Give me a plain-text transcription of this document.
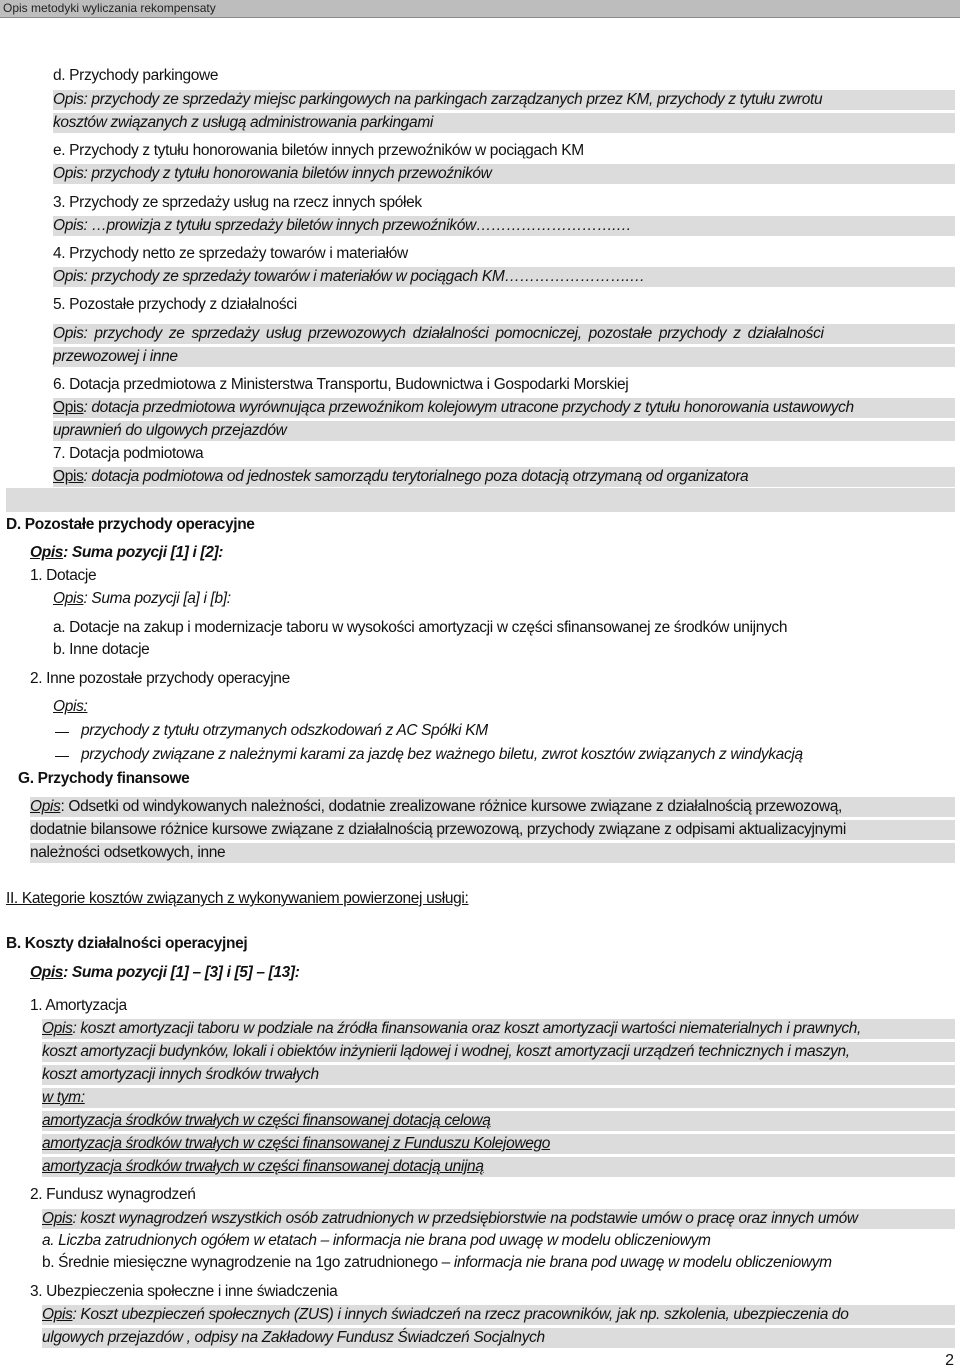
Opis metodyki wyliczania rekompensaty
d. Przychody parkingowe
Opis: przychody ze sprzedaży miejsc parkingowych na parkingach zarządzanych przez KM, przychody z tytułu zwrotu
kosztów związanych z usługą administrowania parkingami
e. Przychody z tytułu honorowania biletów innych przewoźników w pociągach KM
Opis: przychody z tytułu honorowania biletów innych przewoźników
3. Przychody ze sprzedaży usług na rzecz innych spółek
Opis: …prowizja z tytułu sprzedaży biletów innych przewoźników……………………….…
4. Przychody netto ze sprzedaży towarów i materiałów
Opis: przychody ze sprzedaży towarów i materiałów w pociągach KM…………………….…
5. Pozostałe przychody z działalności
Opis: przychody ze sprzedaży usług przewozowych działalności pomocniczej, pozostałe przychody z działalności
przewozowej i inne
6. Dotacja przedmiotowa z Ministerstwa Transportu, Budownictwa i Gospodarki Morskiej
Opis: dotacja przedmiotowa wyrównująca przewoźnikom kolejowym utracone przychody z tytułu honorowania ustawowych
uprawnień do ulgowych przejazdów
7. Dotacja podmiotowa
Opis: dotacja podmiotowa od jednostek samorządu terytorialnego poza dotacją otrzymaną od organizatora
D. Pozostałe przychody operacyjne
Opis: Suma pozycji [1] i [2]:
1. Dotacje
Opis: Suma pozycji [a] i [b]:
a. Dotacje na zakup i modernizacje taboru w wysokości amortyzacji w części sfinansowanej ze środków unijnych
b. Inne dotacje
2. Inne pozostałe przychody operacyjne
Opis:
przychody z tytułu otrzymanych odszkodowań z AC Spółki KM
przychody związane z należnymi karami za jazdę bez ważnego biletu, zwrot kosztów związanych z windykacją
G. Przychody finansowe
Opis: Odsetki od windykowanych należności, dodatnie zrealizowane różnice kursowe związane z działalnością przewozową,
dodatnie bilansowe różnice kursowe związane z działalnością przewozową, przychody związane z odpisami aktualizacyjnymi
należności odsetkowych, inne
II. Kategorie kosztów związanych z wykonywaniem powierzonej usługi:
B. Koszty działalności operacyjnej
Opis: Suma pozycji [1] – [3] i [5] – [13]:
1. Amortyzacja
Opis: koszt amortyzacji taboru w podziale na źródła finansowania oraz koszt amortyzacji wartości niematerialnych i prawnych,
koszt amortyzacji budynków, lokali i obiektów inżynierii lądowej i wodnej, koszt amortyzacji urządzeń technicznych i maszyn,
koszt amortyzacji innych środków trwałych
w tym:
amortyzacja środków trwałych w części finansowanej dotacją celową
amortyzacja środków trwałych w części finansowanej z Funduszu Kolejowego
amortyzacja środków trwałych w części finansowanej dotacją unijną
2. Fundusz wynagrodzeń
Opis: koszt wynagrodzeń wszystkich osób zatrudnionych w przedsiębiorstwie na podstawie umów o pracę oraz innych umów
a. Liczba zatrudnionych ogółem w etatach – informacja nie brana pod uwagę w modelu obliczeniowym
b. Średnie miesięczne wynagrodzenie na 1go zatrudnionego – informacja nie brana pod uwagę w modelu obliczeniowym
3. Ubezpieczenia społeczne i inne świadczenia
Opis: Koszt ubezpieczeń społecznych (ZUS) i innych świadczeń na rzecz pracowników, jak np. szkolenia, ubezpieczenia do
ulgowych przejazdów , odpisy na Zakładowy Fundusz Świadczeń Socjalnych
2
